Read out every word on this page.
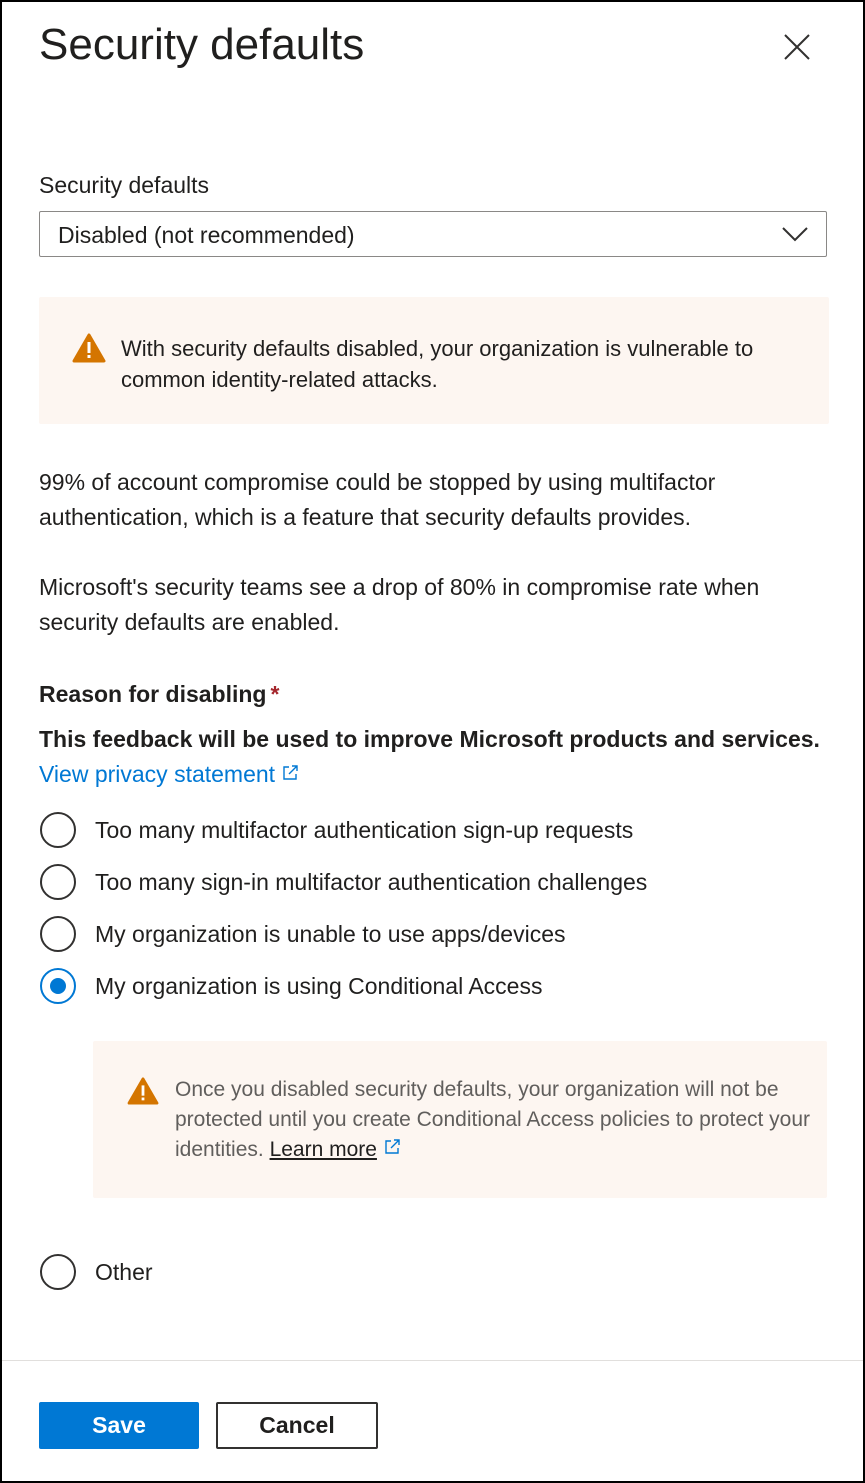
Security defaults
Security defaults
Disabled (not recommended)
With security defaults disabled, your organization is vulnerable to common identity-related attacks.
99% of account compromise could be stopped by using multifactor authentication, which is a feature that security defaults provides.
Microsoft's security teams see a drop of 80% in compromise rate when security defaults are enabled.
Reason for disabling *
This feedback will be used to improve Microsoft products and services. View privacy statement
Too many multifactor authentication sign-up requests
Too many sign-in multifactor authentication challenges
My organization is unable to use apps/devices
My organization is using Conditional Access
Once you disabled security defaults, your organization will not be protected until you create Conditional Access policies to protect your identities. Learn more
Other
Save	Cancel
